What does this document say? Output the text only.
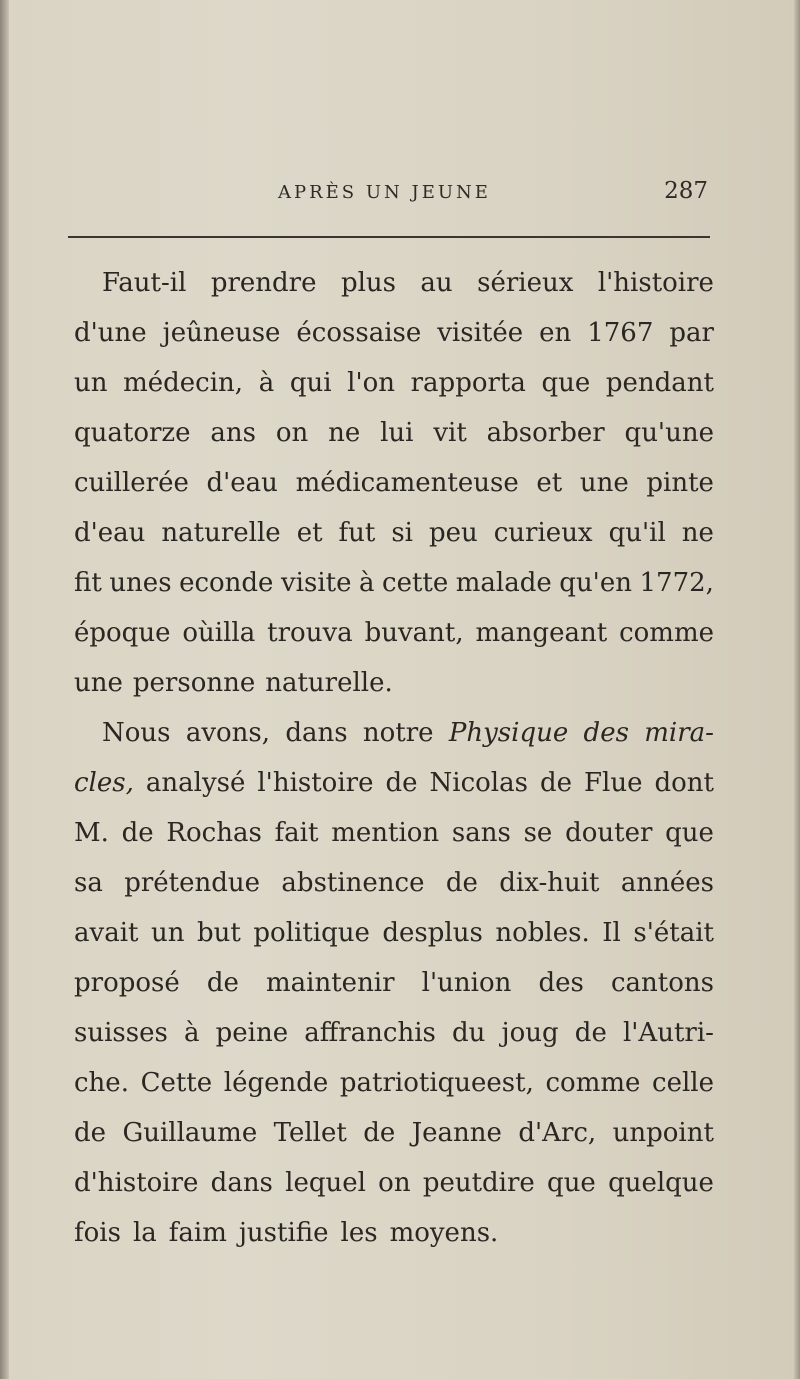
APRÈS UN JEUNE	287
Faut-il prendre plus au sérieux l'histoire
d'une jeûneuse écossaise visitée en 1767 par
un médecin, à qui l'on rapporta que pendant
quatorze ans on ne lui vit absorber qu'une
cuillerée d'eau médicamenteuse et une pinte
d'eau naturelle et fut si peu curieux qu'il ne
fit unes econde visite à cette malade qu'en 1772,
époque oùilla trouva buvant, mangeant comme
une personne naturelle.
Nous avons, dans notre Physique des mira-
cles, analysé l'histoire de Nicolas de Flue dont
M. de Rochas fait mention sans se douter que
sa prétendue abstinence de dix-huit années
avait un but politique desplus nobles. Il s'était
proposé de maintenir l'union des cantons
suisses à peine affranchis du joug de l'Autri-
che. Cette légende patriotiqueest, comme celle
de Guillaume Tellet de Jeanne d'Arc, unpoint
d'histoire dans lequel on peutdire que quelque
fois la faim justifie les moyens.
